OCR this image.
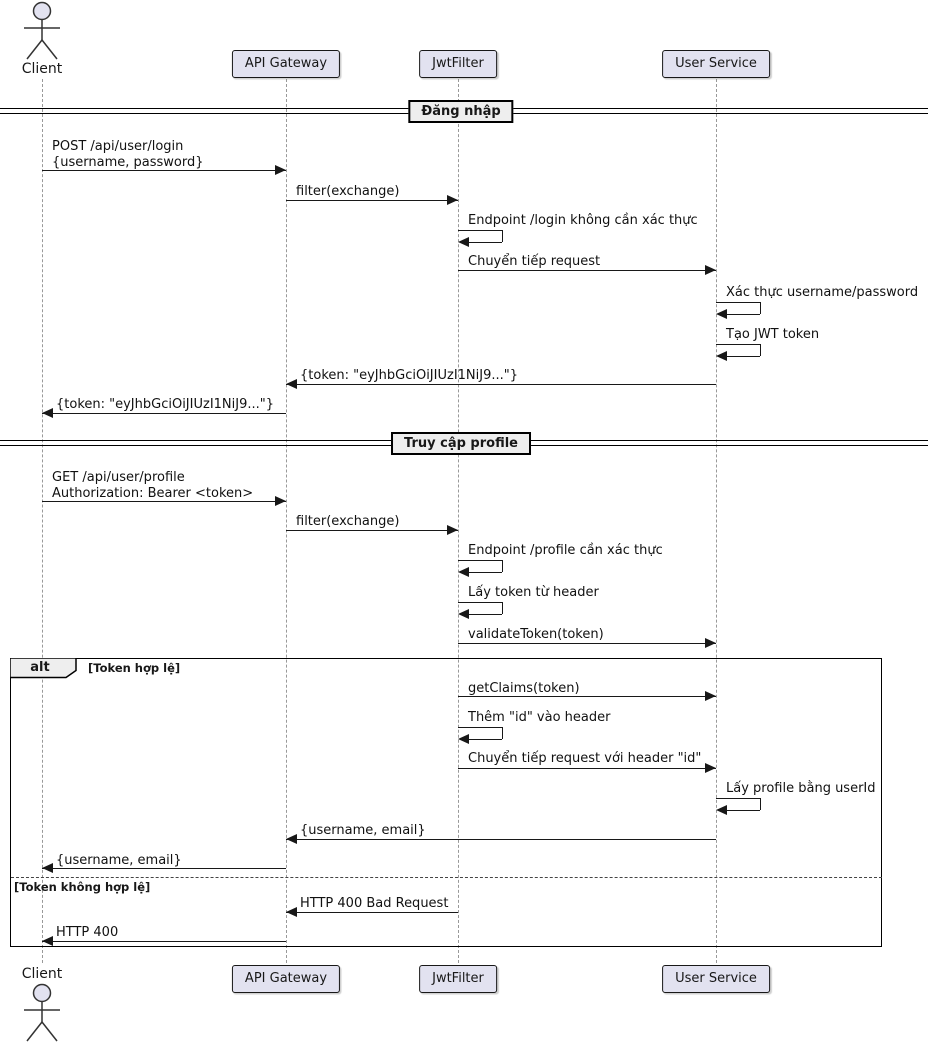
alt	[Token hợp lệ]
[Token không hợp lệ]
Đăng nhập
POST /api/user/login
{username, password}
filter(exchange)
Endpoint /login không cần xác thực
Chuyển tiếp request
Xác thực username/password
Tạo JWT token
{token: "eyJhbGciOiJIUzI1NiJ9..."}
{token: "eyJhbGciOiJIUzI1NiJ9..."}
Truy cập profile
GET /api/user/profile
Authorization: Bearer <token>
filter(exchange)
Endpoint /profile cần xác thực
Lấy token từ header
validateToken(token)
getClaims(token)
Thêm "id" vào header
Chuyển tiếp request với header "id"
Lấy profile bằng userId
{username, email}
{username, email}
HTTP 400 Bad Request
HTTP 400
Client
Client
API Gateway
API Gateway
JwtFilter
JwtFilter
User Service
User Service
